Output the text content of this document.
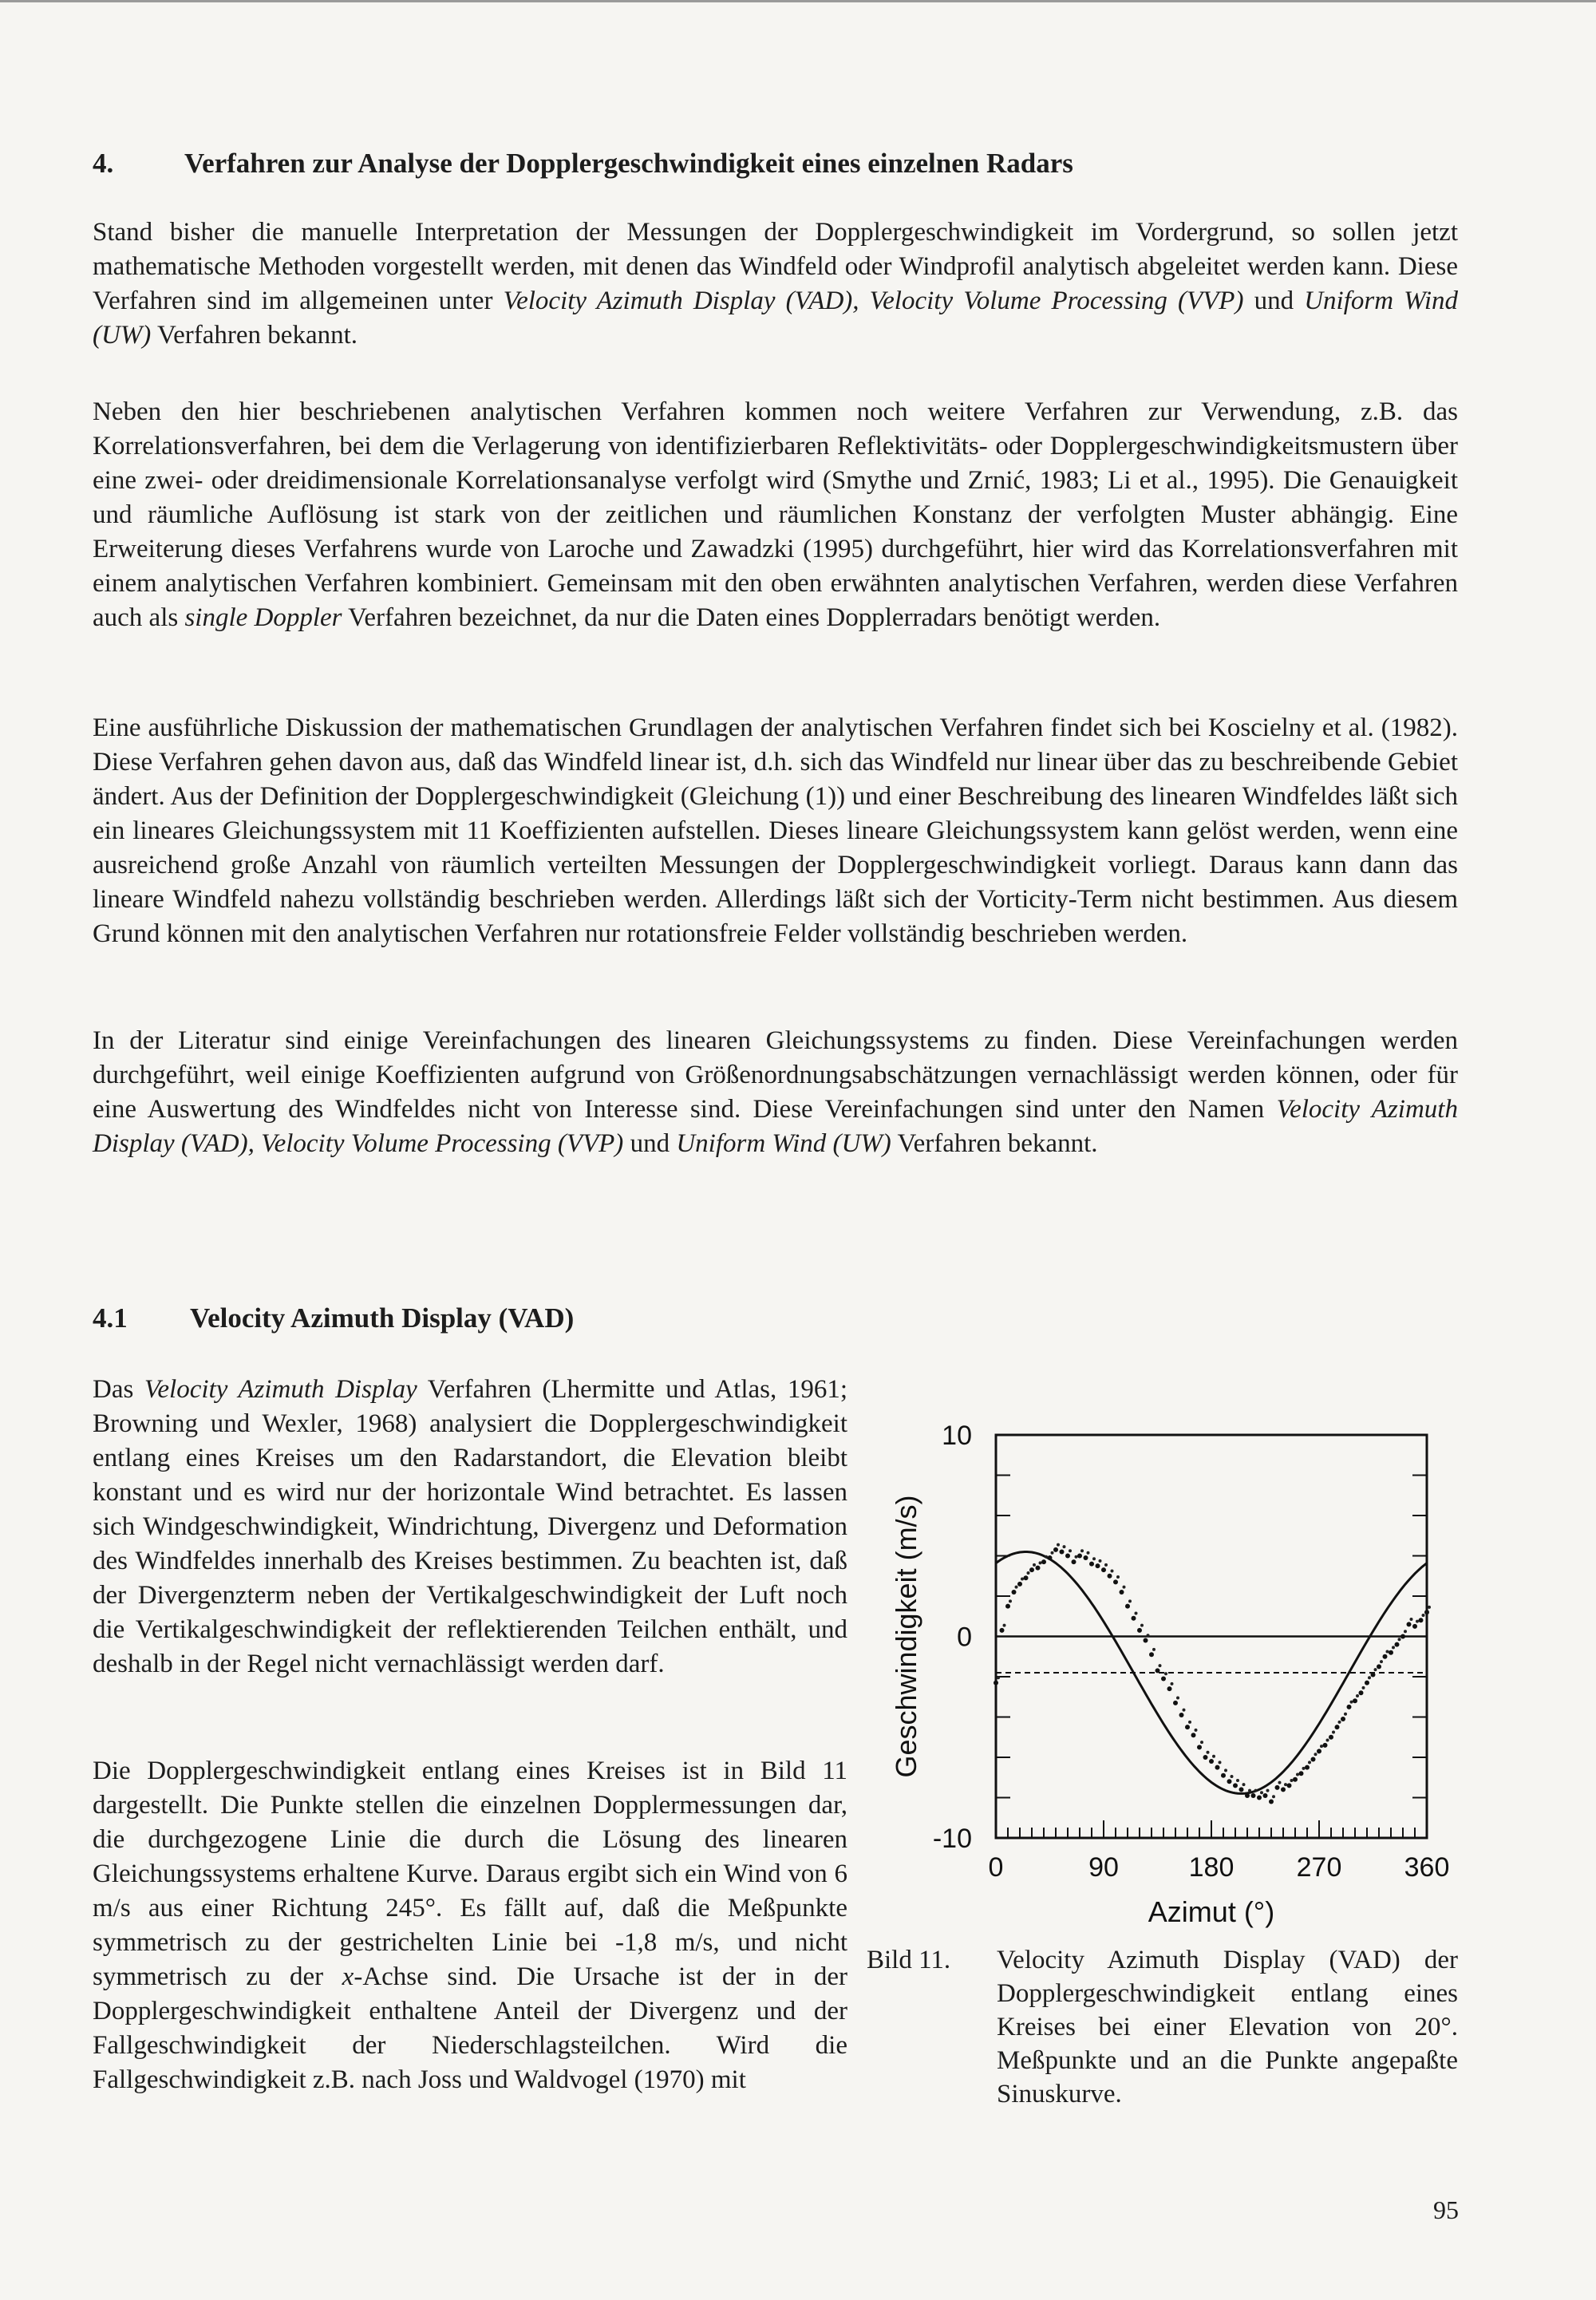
4.	Verfahren zur Analyse der Dopplergeschwindigkeit eines einzelnen Radars

Stand bisher die manuelle Interpretation der Messungen der Dopplergeschwindigkeit im Vordergrund, so sollen jetzt mathematische Methoden vorgestellt werden, mit denen das Windfeld oder Windprofil analytisch abgeleitet werden kann. Diese Verfahren sind im allgemeinen unter Velocity Azimuth Display (VAD), Velocity Volume Processing (VVP) und Uniform Wind (UW) Verfahren bekannt.

Neben den hier beschriebenen analytischen Verfahren kommen noch weitere Verfahren zur Verwendung, z.B. das Korrelationsverfahren, bei dem die Verlagerung von identifizierbaren Reflektivitäts- oder Dopplergeschwindigkeitsmustern über eine zwei- oder dreidimensionale Korrelationsanalyse verfolgt wird (Smythe und Zrnić, 1983; Li et al., 1995). Die Genauigkeit und räumliche Auflösung ist stark von der zeitlichen und räumlichen Konstanz der verfolgten Muster abhängig. Eine Erweiterung dieses Verfahrens wurde von Laroche und Zawadzki (1995) durchgeführt, hier wird das Korrelationsverfahren mit einem analytischen Verfahren kombiniert. Gemeinsam mit den oben erwähnten analytischen Verfahren, werden diese Verfahren auch als single Doppler Verfahren bezeichnet, da nur die Daten eines Dopplerradars benötigt werden.

Eine ausführliche Diskussion der mathematischen Grundlagen der analytischen Verfahren findet sich bei Koscielny et al. (1982). Diese Verfahren gehen davon aus, daß das Windfeld linear ist, d.h. sich das Windfeld nur linear über das zu beschreibende Gebiet ändert. Aus der Definition der Dopplergeschwindigkeit (Gleichung (1)) und einer Beschreibung des linearen Windfeldes läßt sich ein lineares Gleichungssystem mit 11 Koeffizienten aufstellen. Dieses lineare Gleichungssystem kann gelöst werden, wenn eine ausreichend große Anzahl von räumlich verteilten Messungen der Dopplergeschwindigkeit vorliegt. Daraus kann dann das lineare Windfeld nahezu vollständig beschrieben werden. Allerdings läßt sich der Vorticity-Term nicht bestimmen. Aus diesem Grund können mit den analytischen Verfahren nur rotationsfreie Felder vollständig beschrieben werden.

In der Literatur sind einige Vereinfachungen des linearen Gleichungssystems zu finden. Diese Vereinfachungen werden durchgeführt, weil einige Koeffizienten aufgrund von Größenordnungsabschätzungen vernachlässigt werden können, oder für eine Auswertung des Windfeldes nicht von Interesse sind. Diese Vereinfachungen sind unter den Namen Velocity Azimuth Display (VAD), Velocity Volume Processing (VVP) und Uniform Wind (UW) Verfahren bekannt.

4.1 Velocity Azimuth Display (VAD)

Das Velocity Azimuth Display Verfahren (Lhermitte und Atlas, 1961; Browning und Wexler, 1968) analysiert die Dopplergeschwindigkeit entlang eines Kreises um den Radarstandort, die Elevation bleibt konstant und es wird nur der horizontale Wind betrachtet. Es lassen sich Windgeschwindigkeit, Windrichtung, Divergenz und Deformation des Windfeldes innerhalb des Kreises bestimmen. Zu beachten ist, daß der Divergenzterm neben der Vertikalgeschwindigkeit der Luft noch die Vertikalgeschwindigkeit der reflektierenden Teilchen enthält, und deshalb in der Regel nicht vernachlässigt werden darf.

Die Dopplergeschwindigkeit entlang eines Kreises ist in Bild 11 dargestellt. Die Punkte stellen die einzelnen Dopplermessungen dar, die durchgezogene Linie die durch die Lösung des linearen Gleichungssystems erhaltene Kurve. Daraus ergibt sich ein Wind von 6 m/s aus einer Richtung 245°. Es fällt auf, daß die Meßpunkte symmetrisch zu der gestrichelten Linie bei -1,8 m/s, und nicht symmetrisch zu der x-Achse sind. Die Ursache ist der in der Dopplergeschwindigkeit enthaltene Anteil der Divergenz und der Fallgeschwindigkeit der Niederschlagsteilchen. Wird die Fallgeschwindigkeit z.B. nach Joss und Waldvogel (1970) mit

0	90	180 270 360
-10
0
10
Azimut (°)
Geschwindigkeit (m/s)
Bild 11.	Velocity Azimuth Display (VAD) der Dopplergeschwindigkeit entlang eines Kreises bei einer Elevation von 20°. Meßpunkte und an die Punkte angepaßte Sinuskurve.
95
